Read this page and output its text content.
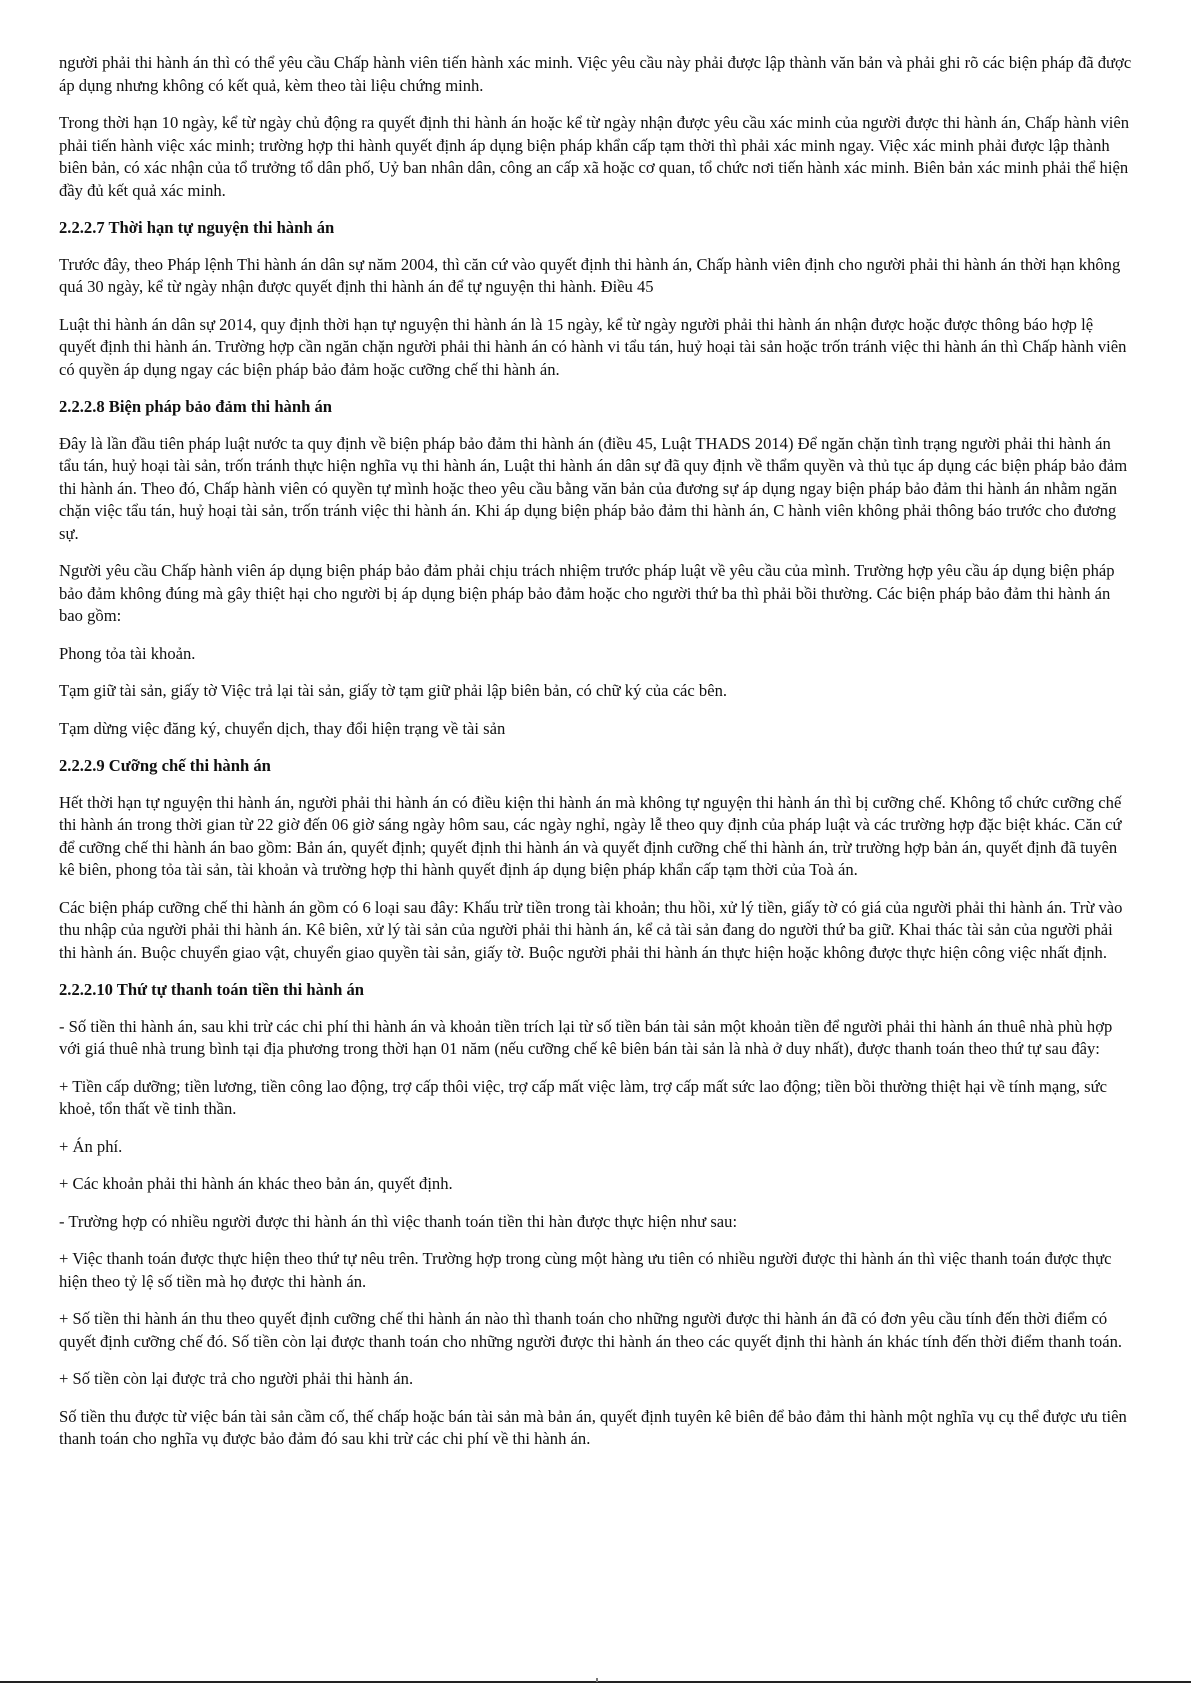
người phải thi hành án thì có thể yêu cầu Chấp hành viên tiến hành xác minh. Việc yêu cầu này phải được lập thành văn bản và phải ghi rõ các biện pháp đã được áp dụng nhưng không có kết quả, kèm theo tài liệu chứng minh.

Trong thời hạn 10 ngày, kể từ ngày chủ động ra quyết định thi hành án hoặc kể từ ngày nhận được yêu cầu xác minh của người được thi hành án, Chấp hành viên phải tiến hành việc xác minh; trường hợp thi hành quyết định áp dụng biện pháp khẩn cấp tạm thời thì phải xác minh ngay. Việc xác minh phải được lập thành biên bản, có xác nhận của tổ trưởng tổ dân phố, Uỷ ban nhân dân, công an cấp xã hoặc cơ quan, tổ chức nơi tiến hành xác minh. Biên bản xác minh phải thể hiện đầy đủ kết quả xác minh.

2.2.2.7 Thời hạn tự nguyện thi hành án

Trước đây, theo Pháp lệnh Thi hành án dân sự năm 2004, thì căn cứ vào quyết định thi hành án, Chấp hành viên định cho người phải thi hành án thời hạn không quá 30 ngày, kể từ ngày nhận được quyết định thi hành án để tự nguyện thi hành. Điều 45

Luật thi hành án dân sự 2014, quy định thời hạn tự nguyện thi hành án là 15 ngày, kể từ ngày người phải thi hành án nhận được hoặc được thông báo hợp lệ quyết định thi hành án. Trường hợp cần ngăn chặn người phải thi hành án có hành vi tẩu tán, huỷ hoại tài sản hoặc trốn tránh việc thi hành án thì Chấp hành viên có quyền áp dụng ngay các biện pháp bảo đảm hoặc cưỡng chế thi hành án.

2.2.2.8 Biện pháp bảo đảm thi hành án

Đây là lần đầu tiên pháp luật nước ta quy định về biện pháp bảo đảm thi hành án (điều 45, Luật THADS 2014) Để ngăn chặn tình trạng người phải thi hành án tẩu tán, huỷ hoại tài sản, trốn tránh thực hiện nghĩa vụ thi hành án, Luật thi hành án dân sự đã quy định về thẩm quyền và thủ tục áp dụng các biện pháp bảo đảm thi hành án. Theo đó, Chấp hành viên có quyền tự mình hoặc theo yêu cầu bằng văn bản của đương sự áp dụng ngay biện pháp bảo đảm thi hành án nhằm ngăn chặn việc tẩu tán, huỷ hoại tài sản, trốn tránh việc thi hành án. Khi áp dụng biện pháp bảo đảm thi hành án, C hành viên không phải thông báo trước cho đương sự.

Người yêu cầu Chấp hành viên áp dụng biện pháp bảo đảm phải chịu trách nhiệm trước pháp luật về yêu cầu của mình. Trường hợp yêu cầu áp dụng biện pháp bảo đảm không đúng mà gây thiệt hại cho người bị áp dụng biện pháp bảo đảm hoặc cho người thứ ba thì phải bồi thường. Các biện pháp bảo đảm thi hành án bao gồm:

Phong tỏa tài khoản.

Tạm giữ tài sản, giấy tờ Việc trả lại tài sản, giấy tờ tạm giữ phải lập biên bản, có chữ ký của các bên.

Tạm dừng việc đăng ký, chuyển dịch, thay đổi hiện trạng về tài sản

2.2.2.9 Cưỡng chế thi hành án

Hết thời hạn tự nguyện thi hành án, người phải thi hành án có điều kiện thi hành án mà không tự nguyện thi hành án thì bị cưỡng chế. Không tổ chức cưỡng chế thi hành án trong thời gian từ 22 giờ đến 06 giờ sáng ngày hôm sau, các ngày nghỉ, ngày lễ theo quy định của pháp luật và các trường hợp đặc biệt khác. Căn cứ để cưỡng chế thi hành án bao gồm: Bản án, quyết định; quyết định thi hành án và quyết định cưỡng chế thi hành án, trừ trường hợp bản án, quyết định đã tuyên kê biên, phong tỏa tài sản, tài khoản và trường hợp thi hành quyết định áp dụng biện pháp khẩn cấp tạm thời của Toà án.

Các biện pháp cưỡng chế thi hành án gồm có 6 loại sau đây: Khấu trừ tiền trong tài khoản; thu hồi, xử lý tiền, giấy tờ có giá của người phải thi hành án. Trừ vào thu nhập của người phải thi hành án. Kê biên, xử lý tài sản của người phải thi hành án, kể cả tài sản đang do người thứ ba giữ. Khai thác tài sản của người phải thi hành án. Buộc chuyển giao vật, chuyển giao quyền tài sản, giấy tờ. Buộc người phải thi hành án thực hiện hoặc không được thực hiện công việc nhất định.

2.2.2.10 Thứ tự thanh toán tiền thi hành án

- Số tiền thi hành án, sau khi trừ các chi phí thi hành án và khoản tiền trích lại từ số tiền bán tài sản một khoản tiền để người phải thi hành án thuê nhà phù hợp với giá thuê nhà trung bình tại địa phương trong thời hạn 01 năm (nếu cưỡng chế kê biên bán tài sản là nhà ở duy nhất), được thanh toán theo thứ tự sau đây:

+ Tiền cấp dưỡng; tiền lương, tiền công lao động, trợ cấp thôi việc, trợ cấp mất việc làm, trợ cấp mất sức lao động; tiền bồi thường thiệt hại về tính mạng, sức khoẻ, tổn thất về tinh thần.

+ Án phí.

+ Các khoản phải thi hành án khác theo bản án, quyết định.

- Trường hợp có nhiều người được thi hành án thì việc thanh toán tiền thi hàn được thực hiện như sau:

+ Việc thanh toán được thực hiện theo thứ tự nêu trên. Trường hợp trong cùng một hàng ưu tiên có nhiều người được thi hành án thì việc thanh toán được thực hiện theo tỷ lệ số tiền mà họ được thi hành án.

+ Số tiền thi hành án thu theo quyết định cưỡng chế thi hành án nào thì thanh toán cho những người được thi hành án đã có đơn yêu cầu tính đến thời điểm có quyết định cưỡng chế đó. Số tiền còn lại được thanh toán cho những người được thi hành án theo các quyết định thi hành án khác tính đến thời điểm thanh toán.

+ Số tiền còn lại được trả cho người phải thi hành án.

Số tiền thu được từ việc bán tài sản cầm cố, thế chấp hoặc bán tài sản mà bản án, quyết định tuyên kê biên để bảo đảm thi hành một nghĩa vụ cụ thể được ưu tiên thanh toán cho nghĩa vụ được bảo đảm đó sau khi trừ các chi phí về thi hành án.
